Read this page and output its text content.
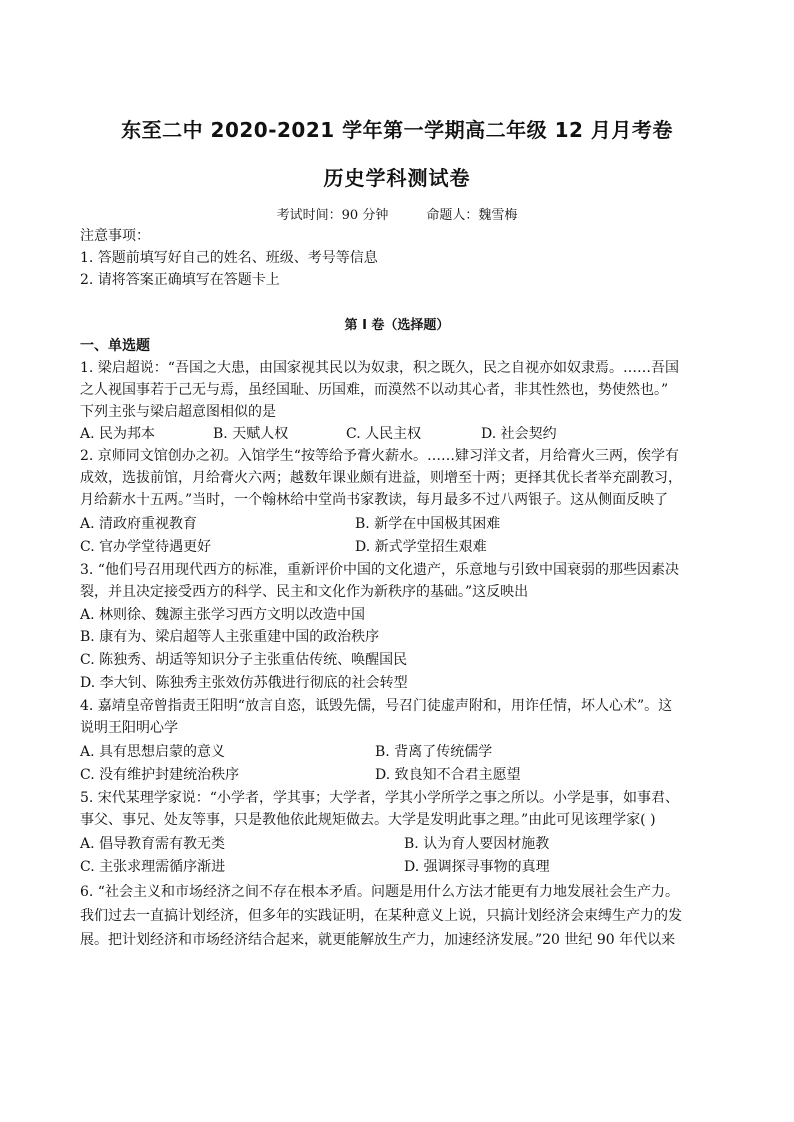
东至二中 2020-2021 学年第一学期高二年级 12 月月考卷
历史学科测试卷
考试时间：90 分钟	命题人：魏雪梅
注意事项：
1. 答题前填写好自己的姓名、班级、考号等信息
2. 请将答案正确填写在答题卡上
第 I 卷（选择题）
一、单选题
1. 梁启超说：“吾国之大患，由国家视其民以为奴隶，积之既久，民之自视亦如奴隶焉。……吾国
之人视国事若于己无与焉，虽经国耻、历国难，而漠然不以动其心者，非其性然也，势使然也。”
下列主张与梁启超意图相似的是
A. 民为邦本	B. 天赋人权	C. 人民主权	D. 社会契约
2. 京师同文馆创办之初。入馆学生“按等给予膏火薪水。……肄习洋文者，月给膏火三两，俟学有
成效，选拔前馆，月给膏火六两；越数年课业颇有进益，则增至十两；更择其优长者举充副教习，
月给薪水十五两。”当时，一个翰林给中堂尚书家教读，每月最多不过八两银子。这从侧面反映了
A. 清政府重视教育	B. 新学在中国极其困难
C. 官办学堂待遇更好	D. 新式学堂招生艰难
3. “他们号召用现代西方的标准，重新评价中国的文化遗产，乐意地与引致中国衰弱的那些因素决
裂，并且决定接受西方的科学、民主和文化作为新秩序的基础。”这反映出
A. 林则徐、魏源主张学习西方文明以改造中国
B. 康有为、梁启超等人主张重建中国的政治秩序
C. 陈独秀、胡适等知识分子主张重估传统、唤醒国民
D. 李大钊、陈独秀主张效仿苏俄进行彻底的社会转型
4. 嘉靖皇帝曾指责王阳明“放言自恣，诋毁先儒，号召门徒虚声附和，用诈任情，坏人心术”。这
说明王阳明心学
A. 具有思想启蒙的意义	B. 背离了传统儒学
C. 没有维护封建统治秩序	D. 致良知不合君主愿望
5. 宋代某理学家说：“小学者，学其事；大学者，学其小学所学之事之所以。小学是事，如事君、
事父、事兄、处友等事，只是教他依此规矩做去。大学是发明此事之理。”由此可见该理学家( )
A. 倡导教育需有教无类	B. 认为育人要因材施教
C. 主张求理需循序渐进	D. 强调探寻事物的真理
6. “社会主义和市场经济之间不存在根本矛盾。问题是用什么方法才能更有力地发展社会生产力。
我们过去一直搞计划经济，但多年的实践证明，在某种意义上说，只搞计划经济会束缚生产力的发
展。把计划经济和市场经济结合起来，就更能解放生产力，加速经济发展。”20 世纪 90 年代以来
